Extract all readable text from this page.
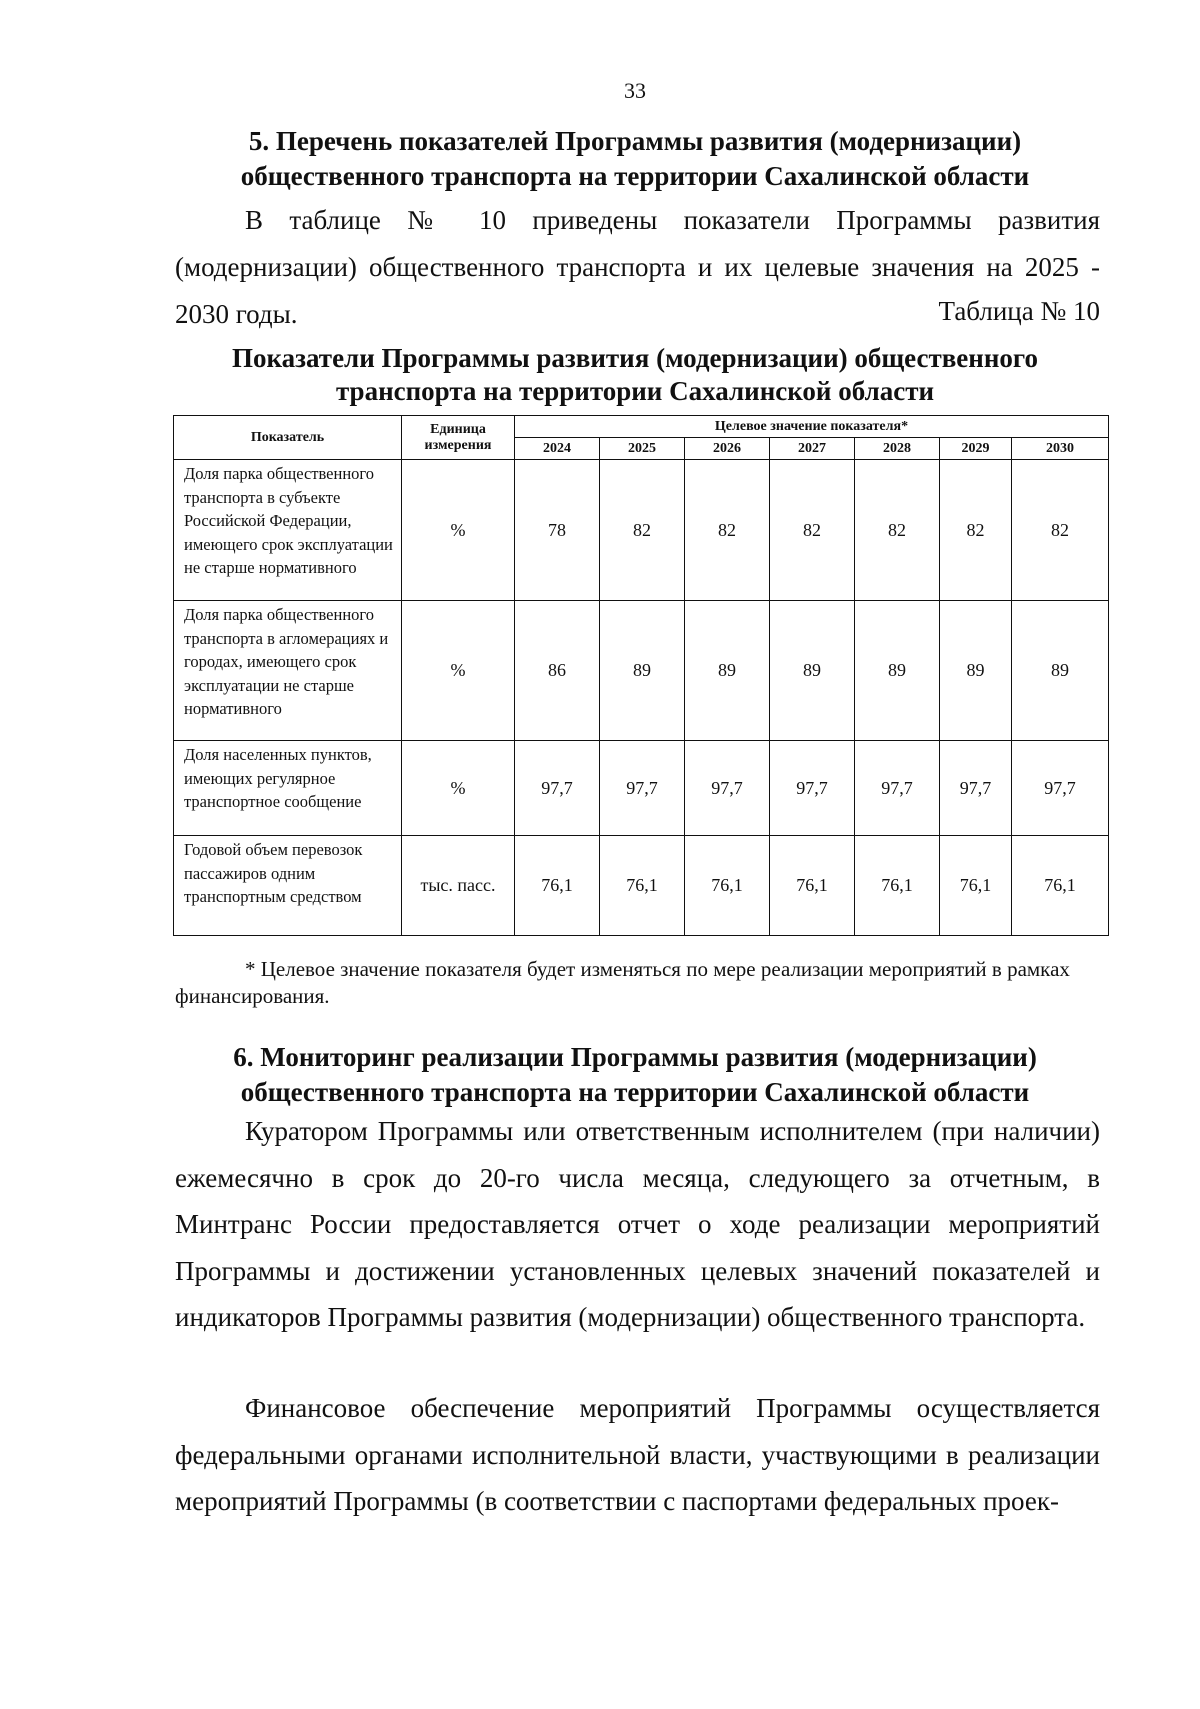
33

5. Перечень показателей Программы развития (модернизации)

общественного транспорта на территории Сахалинской области

В таблице № 10 приведены показатели Программы развития (модернизации) общественного транспорта и их целевые значения на 2025 - 2030 годы.	Таблица № 10

Показатели Программы развития (модернизации) общественного

транспорта на территории Сахалинской области

Показатель	Единица измерения	Целевое значение показателя*						
		2024	2025	2026	2027	2028	2029	2030
Доля парка общественного транспорта в субъекте Российской Федерации, имеющего срок эксплуатации не старше нормативного	%	78	82	82	82	82	82	82
Доля парка общественного транспорта в агломерациях и городах, имеющего срок эксплуатации не старше нормативного	%	86	89	89	89	89	89	89
Доля населенных пунктов, имеющих регулярное транспортное сообщение	%	97,7	97,7	97,7	97,7	97,7	97,7	97,7
Годовой объем перевозок пассажиров одним транспортным средством	тыс. пасс.	76,1	76,1	76,1	76,1	76,1	76,1	76,1

* Целевое значение показателя будет изменяться по мере реализации мероприятий в рамках финансирования.

6. Мониторинг реализации Программы развития (модернизации)

общественного транспорта на территории Сахалинской области

Куратором Программы или ответственным исполнителем (при наличии) ежемесячно в срок до 20-го числа месяца, следующего за отчетным, в Минтранс России предоставляется отчет о ходе реализации мероприятий Программы и достижении установленных целевых значений показателей и индикаторов Программы развития (модернизации) общественного транспорта.

Финансовое обеспечение мероприятий Программы осуществляется федеральными органами исполнительной власти, участвующими в реализации мероприятий Программы (в соответствии с паспортами федеральных проек-
